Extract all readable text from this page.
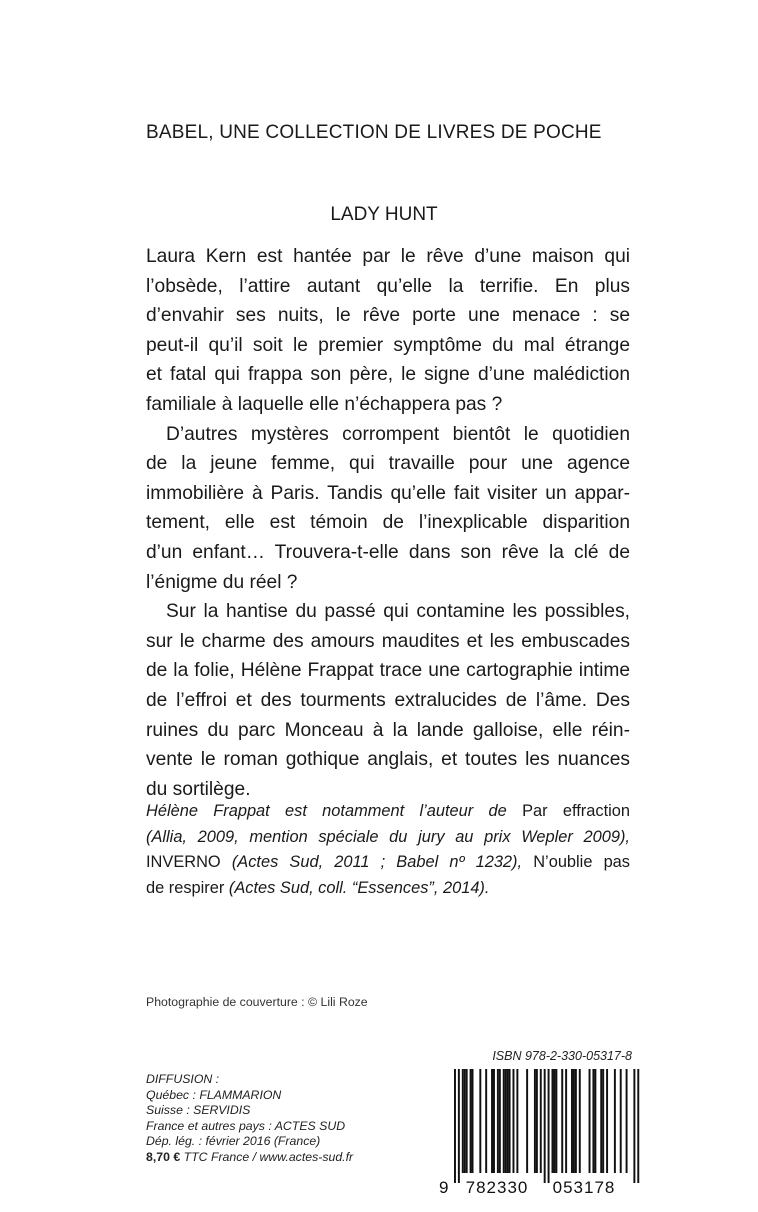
BABEL, UNE COLLECTION DE LIVRES DE POCHE
LADY HUNT

Laura Kern est hantée par le rêve d’une maison qui
l’obsède, l’attire autant qu’elle la terrifie. En plus
d’envahir ses nuits, le rêve porte une menace : se
peut-il qu’il soit le premier symptôme du mal étrange
et fatal qui frappa son père, le signe d’une malédiction
familiale à laquelle elle n’échappera pas ?

D’autres mystères corrompent bientôt le quotidien
de la jeune femme, qui travaille pour une agence
immobilière à Paris. Tandis qu’elle fait visiter un appar-
tement, elle est témoin de l’inexplicable disparition
d’un enfant… Trouvera-t-elle dans son rêve la clé de
l’énigme du réel ?

Sur la hantise du passé qui contamine les possibles,
sur le charme des amours maudites et les embuscades
de la folie, Hélène Frappat trace une cartographie intime
de l’effroi et des tourments extralucides de l’âme. Des
ruines du parc Monceau à la lande galloise, elle réin-
vente le roman gothique anglais, et toutes les nuances
du sortilège.

Hélène Frappat est notamment l’auteur de Par effraction
(Allia, 2009, mention spéciale du jury au prix Wepler 2009),
INVERNO (Actes Sud, 2011 ; Babel nº 1232), N’oublie pas
de respirer (Actes Sud, coll. “Essences”, 2014).
Photographie de couverture : © Lili Roze
ISBN 978-2-330-05317-8
DIFFUSION :
Québec : FLAMMARION
Suisse : SERVIDIS
France et autres pays : ACTES SUD
Dép. lég. : février 2016 (France)
8,70 € TTC France / www.actes-sud.fr
9 782330 053178
